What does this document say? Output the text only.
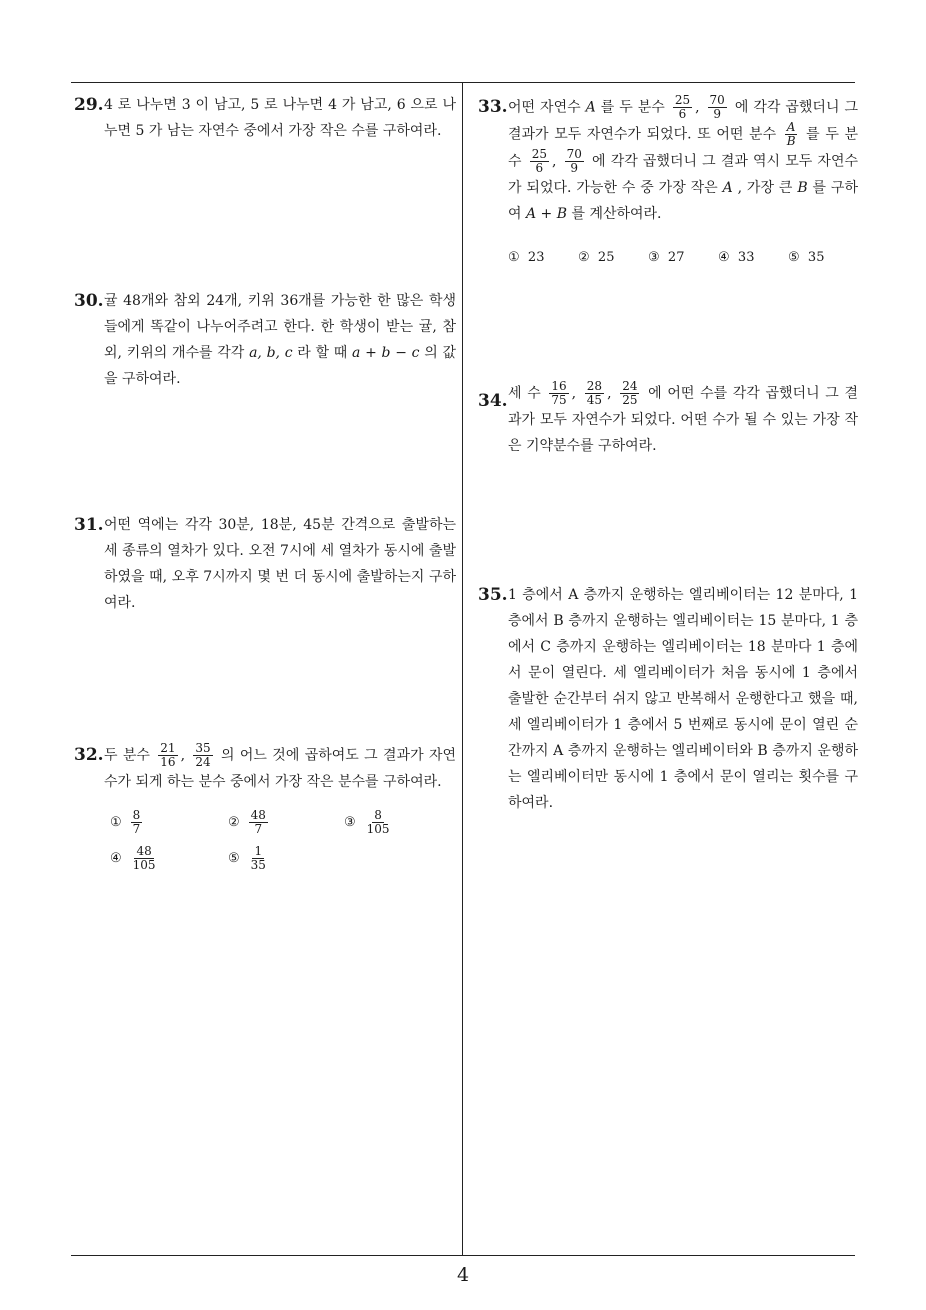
29. 4 로 나누면 3 이 남고, 5 로 나누면 4 가 남고, 6 으로 나누면 5 가 남는 자연수 중에서 가장 작은 수를 구하여라.

30. 귤 48개와 참외 24개, 키위 36개를 가능한 한 많은 학생들에게 똑같이 나누어주려고 한다. 한 학생이 받는 귤, 참외, 키위의 개수를 각각 a, b, c 라 할 때 a + b − c 의 값을 구하여라.

31. 어떤 역에는 각각 30분, 18분, 45분 간격으로 출발하는 세 종류의 열차가 있다. 오전 7시에 세 열차가 동시에 출발하였을 때, 오후 7시까지 몇 번 더 동시에 출발하는지 구하여라.

32. 두 분수 $\frac{21}{16}$ , $\frac{35}{24}$ 의 어느 것에 곱하여도 그 결과가 자연수가 되게 하는 분수 중에서 가장 작은 분수를 구하여라.

① $\frac{8}{7}$	② $\frac{48}{7}$	③ $\frac{8}{105}$
④ $\frac{48}{105}$	⑤ $\frac{1}{35}$
33. 어떤 자연수 A 를 두 분수 $\frac{25}{6}$ , $\frac{70}{9}$ 에 각각 곱했더니 그 결과가 모두 자연수가 되었다. 또 어떤 분수 $\frac{A}{B}$ 를 두 분수 $\frac{25}{6}$ , $\frac{70}{9}$ 에 각각 곱했더니 그 결과 역시 모두 자연수가 되었다. 가능한 수 중 가장 작은 A , 가장 큰 B 를 구하여 A + B 를 계산하여라.

① 23	② 25	③ 27	④ 33	⑤ 35
34. 세 수 $\frac{16}{75}$ , $\frac{28}{45}$ , $\frac{24}{25}$ 에 어떤 수를 각각 곱했더니 그 결과가 모두 자연수가 되었다. 어떤 수가 될 수 있는 가장 작은 기약분수를 구하여라.

35. 1 층에서 A 층까지 운행하는 엘리베이터는 12 분마다, 1 층에서 B 층까지 운행하는 엘리베이터는 15 분마다, 1 층에서 C 층까지 운행하는 엘리베이터는 18 분마다 1 층에서 문이 열린다. 세 엘리베이터가 처음 동시에 1 층에서 출발한 순간부터 쉬지 않고 반복해서 운행한다고 했을 때, 세 엘리베이터가 1 층에서 5 번째로 동시에 문이 열린 순간까지 A 층까지 운행하는 엘리베이터와 B 층까지 운행하는 엘리베이터만 동시에 1 층에서 문이 열리는 횟수를 구하여라.

4
